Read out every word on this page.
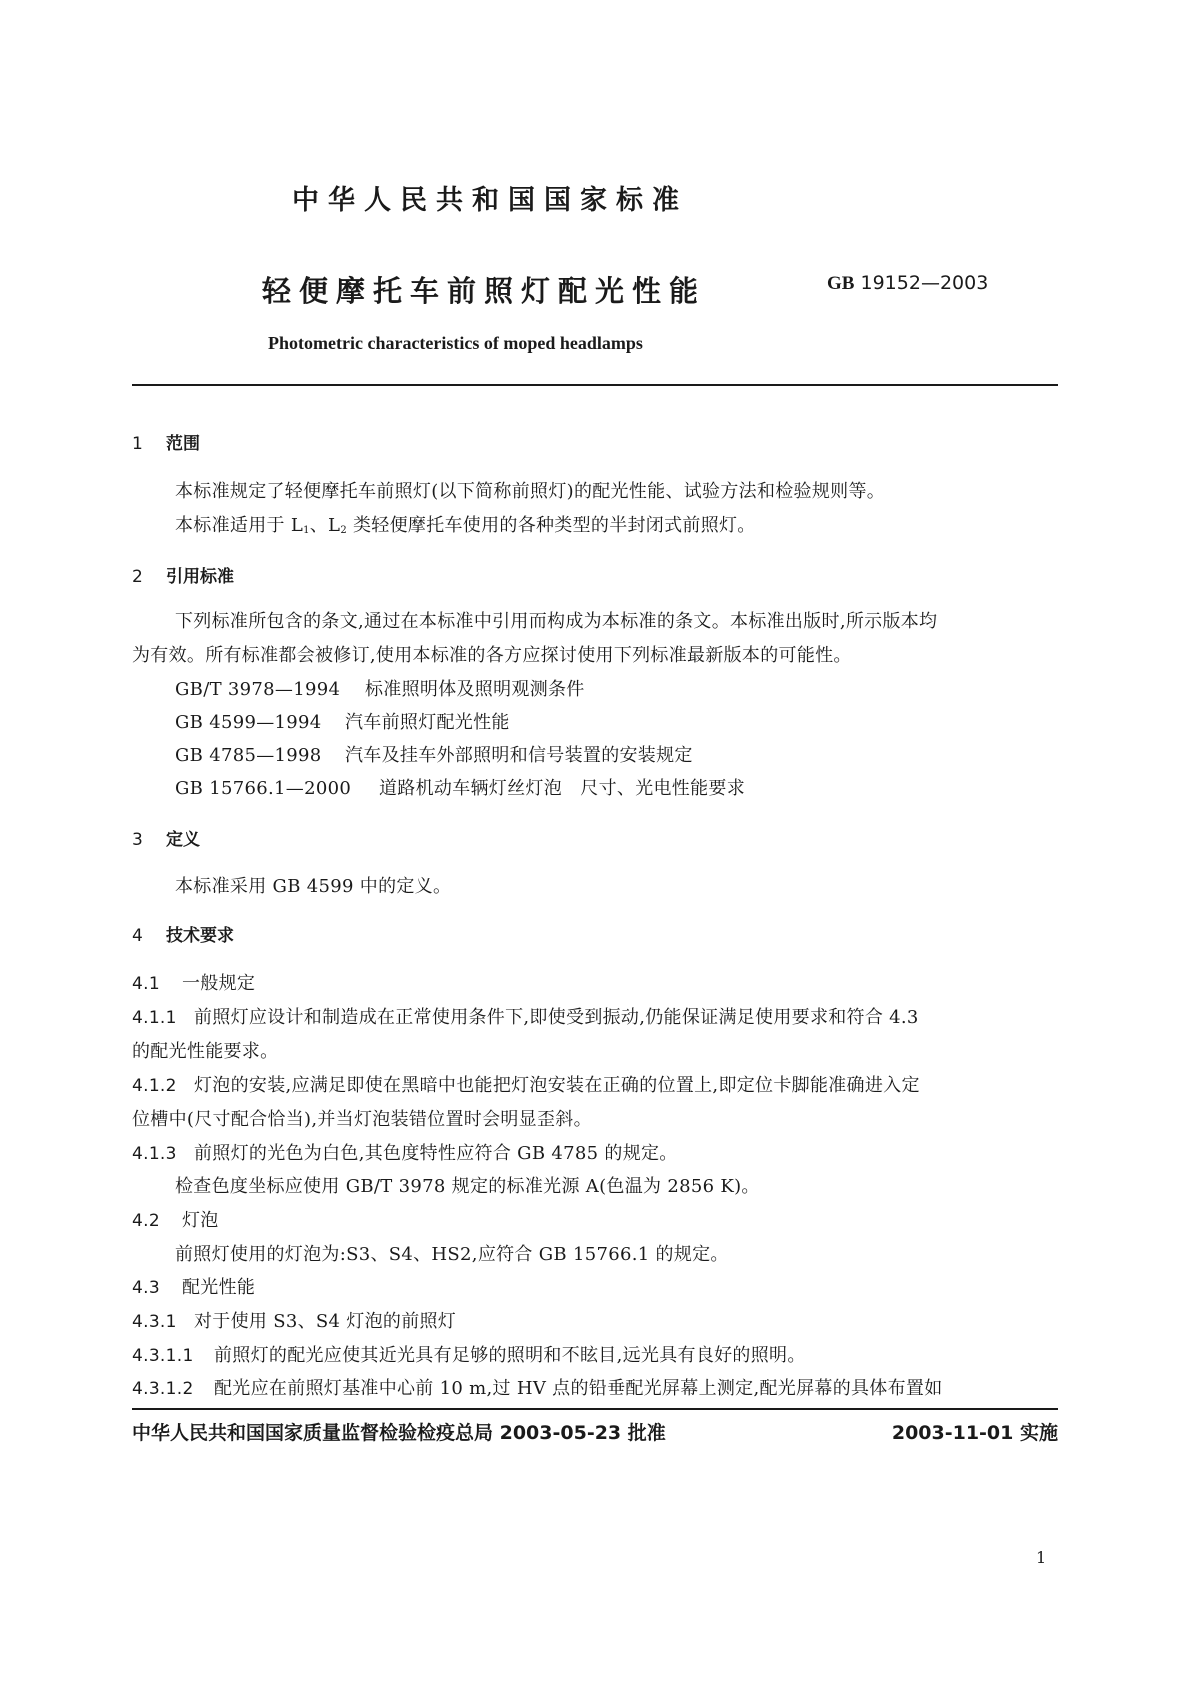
中华人民共和国国家标准
轻便摩托车前照灯配光性能	GB 19152—2003
Photometric characteristics of moped headlamps
1 范围
本标准规定了轻便摩托车前照灯(以下简称前照灯)的配光性能、试验方法和检验规则等。
本标准适用于 $L_1$、$L_2$ 类轻便摩托车使用的各种类型的半封闭式前照灯。
2 引用标准
下列标准所包含的条文,通过在本标准中引用而构成为本标准的条文。本标准出版时,所示版本均
为有效。所有标准都会被修订,使用本标准的各方应探讨使用下列标准最新版本的可能性。
GB/T 3978—1994 标准照明体及照明观测条件
GB 4599—1994 汽车前照灯配光性能
GB 4785—1998 汽车及挂车外部照明和信号装置的安装规定
GB 15766.1—2000 道路机动车辆灯丝灯泡　尺寸、光电性能要求
3 定义
本标准采用 GB 4599 中的定义。
4 技术要求
4.1 一般规定
4.1.1 前照灯应设计和制造成在正常使用条件下,即使受到振动,仍能保证满足使用要求和符合 4.3
的配光性能要求。
4.1.2 灯泡的安装,应满足即使在黑暗中也能把灯泡安装在正确的位置上,即定位卡脚能准确进入定
位槽中(尺寸配合恰当),并当灯泡装错位置时会明显歪斜。
4.1.3 前照灯的光色为白色,其色度特性应符合 GB 4785 的规定。
检查色度坐标应使用 GB/T 3978 规定的标准光源 A(色温为 2856 K)。
4.2 灯泡
前照灯使用的灯泡为:S3、S4、HS2,应符合 GB 15766.1 的规定。
4.3 配光性能
4.3.1 对于使用 S3、S4 灯泡的前照灯
4.3.1.1 前照灯的配光应使其近光具有足够的照明和不眩目,远光具有良好的照明。
4.3.1.2 配光应在前照灯基准中心前 10 m,过 HV 点的铅垂配光屏幕上测定,配光屏幕的具体布置如
中华人民共和国国家质量监督检验检疫总局 2003-05-23 批准	2003-11-01 实施
1
